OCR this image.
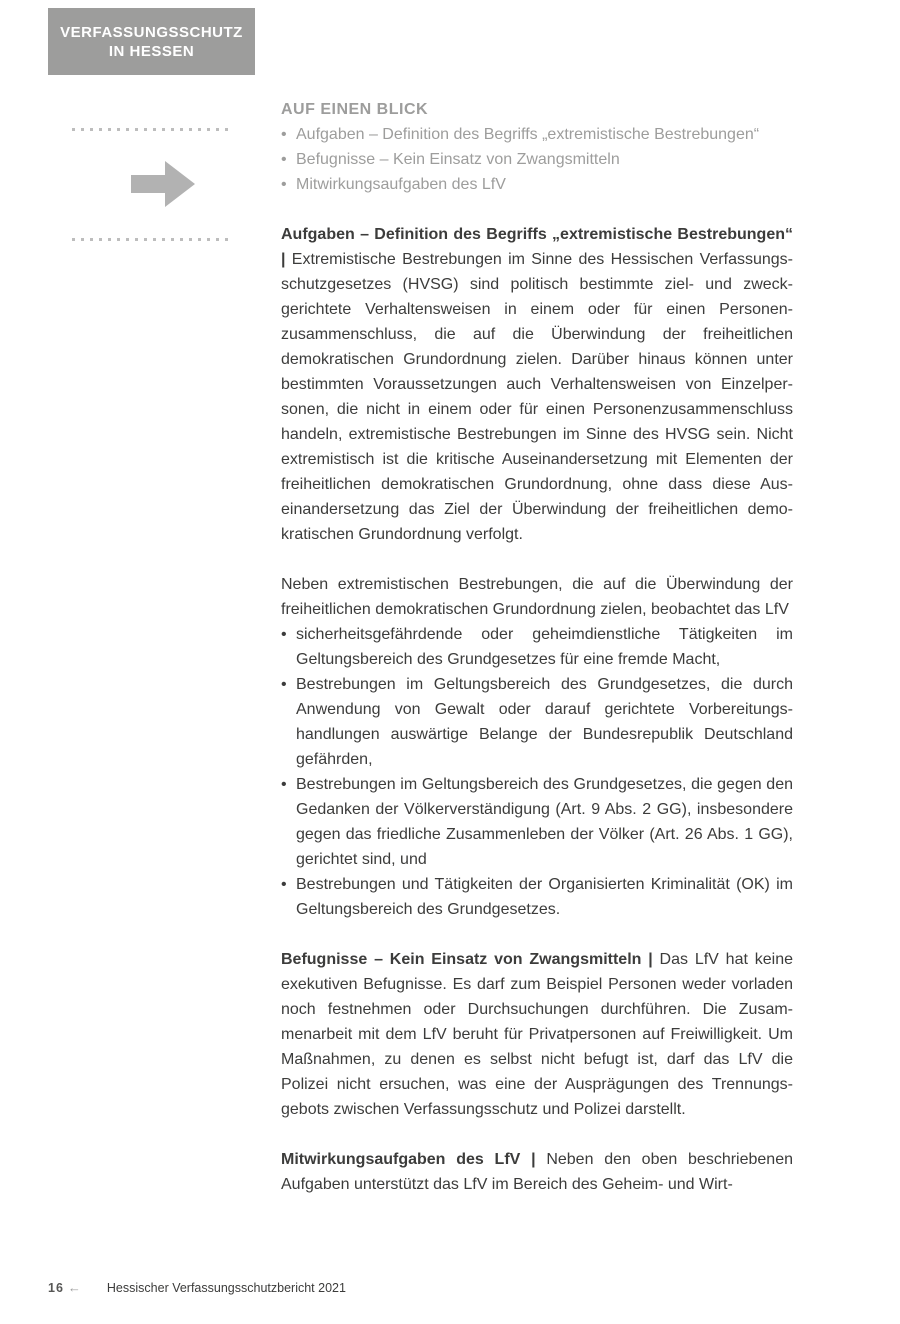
VERFASSUNGSSCHUTZ
IN HESSEN

AUF EINEN BLICK

• Aufgaben – Definition des Begriffs „extremistische Bestrebungen“
• Befugnisse – Kein Einsatz von Zwangsmitteln
• Mitwirkungsaufgaben des LfV

Aufgaben – Definition des Begriffs „extremistische Bestrebungen“ | Extremistische Bestrebungen im Sinne des Hessischen Verfassungsschutzgesetzes (HVSG) sind politisch bestimmte ziel- und zweckgerichtete Verhaltensweisen in einem oder für einen Personenzusammenschluss, die auf die Überwindung der freiheitlichen demokratischen Grundordnung zielen. Darüber hinaus können unter bestimmten Voraussetzungen auch Verhaltensweisen von Einzelpersonen, die nicht in einem oder für einen Personenzusammenschluss handeln, extremistische Bestrebungen im Sinne des HVSG sein. Nicht extremistisch ist die kritische Auseinandersetzung mit Elementen der freiheitlichen demokratischen Grundordnung, ohne dass diese Auseinandersetzung das Ziel der Überwindung der freiheitlichen demokratischen Grundordnung verfolgt.

Neben extremistischen Bestrebungen, die auf die Überwindung der freiheitlichen demokratischen Grundordnung zielen, beobachtet das LfV

• sicherheitsgefährdende oder geheimdienstliche Tätigkeiten im Geltungsbereich des Grundgesetzes für eine fremde Macht,
• Bestrebungen im Geltungsbereich des Grundgesetzes, die durch Anwendung von Gewalt oder darauf gerichtete Vorbereitungshandlungen auswärtige Belange der Bundesrepublik Deutschland gefährden,
• Bestrebungen im Geltungsbereich des Grundgesetzes, die gegen den Gedanken der Völkerverständigung (Art. 9 Abs. 2 GG), insbesondere gegen das friedliche Zusammenleben der Völker (Art. 26 Abs. 1 GG), gerichtet sind, und
• Bestrebungen und Tätigkeiten der Organisierten Kriminalität (OK) im Geltungsbereich des Grundgesetzes.

Befugnisse – Kein Einsatz von Zwangsmitteln | Das LfV hat keine exekutiven Befugnisse. Es darf zum Beispiel Personen weder vorladen noch festnehmen oder Durchsuchungen durchführen. Die Zusammenarbeit mit dem LfV beruht für Privatpersonen auf Freiwilligkeit. Um Maßnahmen, zu denen es selbst nicht befugt ist, darf das LfV die Polizei nicht ersuchen, was eine der Ausprägungen des Trennungsgebots zwischen Verfassungsschutz und Polizei darstellt.

Mitwirkungsaufgaben des LfV | Neben den oben beschriebenen Aufgaben unterstützt das LfV im Bereich des Geheim- und Wirt-

16 ← Hessischer Verfassungsschutzbericht 2021
